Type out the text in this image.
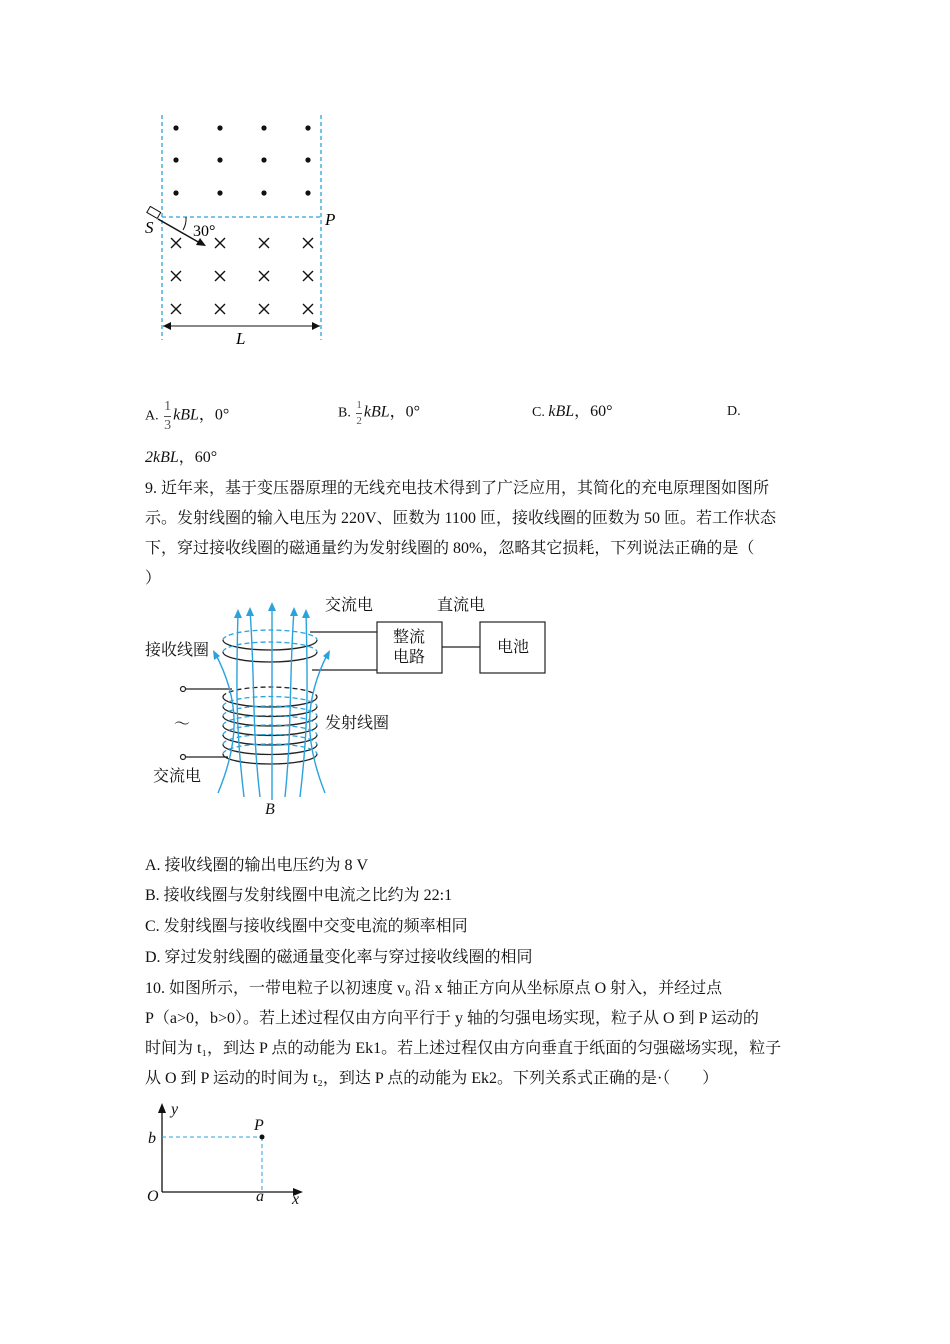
S	P
30°
L
交流电	直流电
接收线圈
整流
电路
电池
～	发射线圈
交流电
B
A. $\frac{1}{3}$ kBL，0°	B. $\frac{1}{2}$ kBL，0°	C. kBL，60°	D.
2kBL，60°
9. 近年来，基于变压器原理的无线充电技术得到了广泛应用，其简化的充电原理图如图所
示。发射线圈的输入电压为 220V、匝数为 1100 匝，接收线圈的匝数为 50 匝。若工作状态
下，穿过接收线圈的磁通量约为发射线圈的 80%，忽略其它损耗，下列说法正确的是（
）
A. 接收线圈的输出电压约为 8 V
B. 接收线圈与发射线圈中电流之比约为 22:1
C. 发射线圈与接收线圈中交变电流的频率相同
D. 穿过发射线圈的磁通量变化率与穿过接收线圈的相同
10. 如图所示，一带电粒子以初速度 v₀ 沿 x 轴正方向从坐标原点 O 射入，并经过点
P（a>0，b>0）。若上述过程仅由方向平行于 y 轴的匀强电场实现，粒子从 O 到 P 运动的
时间为 t₁，到达 P 点的动能为 Ek1。若上述过程仅由方向垂直于纸面的匀强磁场实现，粒子
从 O 到 P 运动的时间为 t₂，到达 P 点的动能为 Ek2。下列关系式正确的是·（　　）
y
b
P
O	a x
